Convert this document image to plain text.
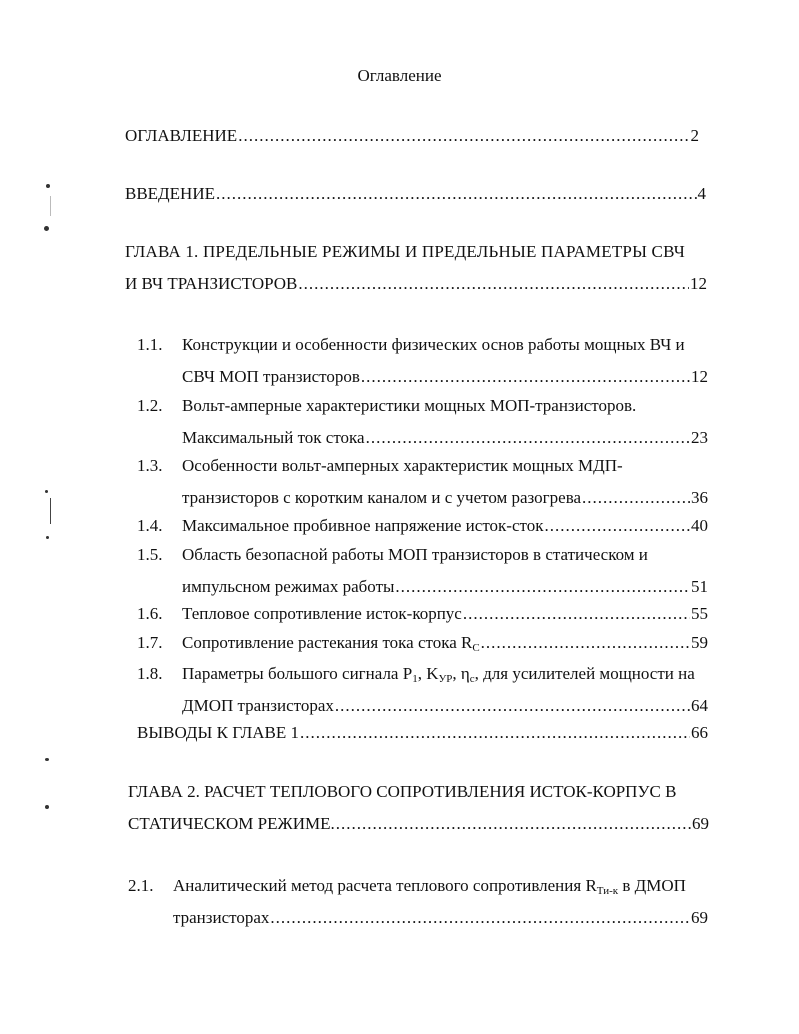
Оглавление
ОГЛАВЛЕНИЕ .....	2
ВВЕДЕНИЕ .....	4
ГЛАВА 1. ПРЕДЕЛЬНЫЕ РЕЖИМЫ И ПРЕДЕЛЬНЫЕ ПАРАМЕТРЫ СВЧ
И ВЧ ТРАНЗИСТОРОВ .....	12
1.1. Конструкции и особенности физических основ работы мощных ВЧ и
СВЧ МОП транзисторов .....	12
1.2. Вольт-амперные характеристики мощных МОП-транзисторов.
Максимальный ток стока .....	23
1.3. Особенности вольт-амперных характеристик мощных МДП-
транзисторов с коротким каналом и с учетом разогрева .....	36
1.4. Максимальное пробивное напряжение исток-сток .....	40
1.5. Область безопасной работы МОП транзисторов в статическом и
импульсном режимах работы .....	51
1.6. Тепловое сопротивление исток-корпус .....	55
1.7. Сопротивление растекания тока стока $R_C$ .....	59
1.8. Параметры большого сигнала $P_1$, $K_{УР}$, $\eta_c$, для усилителей мощности на
ДМОП транзисторах .....	64
ВЫВОДЫ К ГЛАВЕ 1 .....	66
ГЛАВА 2. РАСЧЕТ ТЕПЛОВОГО СОПРОТИВЛЕНИЯ ИСТОК-КОРПУС В
СТАТИЧЕСКОМ РЕЖИМЕ. .....	69
2.1. Аналитический метод расчета теплового сопротивления $R_{Ти-к}$ в ДМОП
транзисторах .....	69
